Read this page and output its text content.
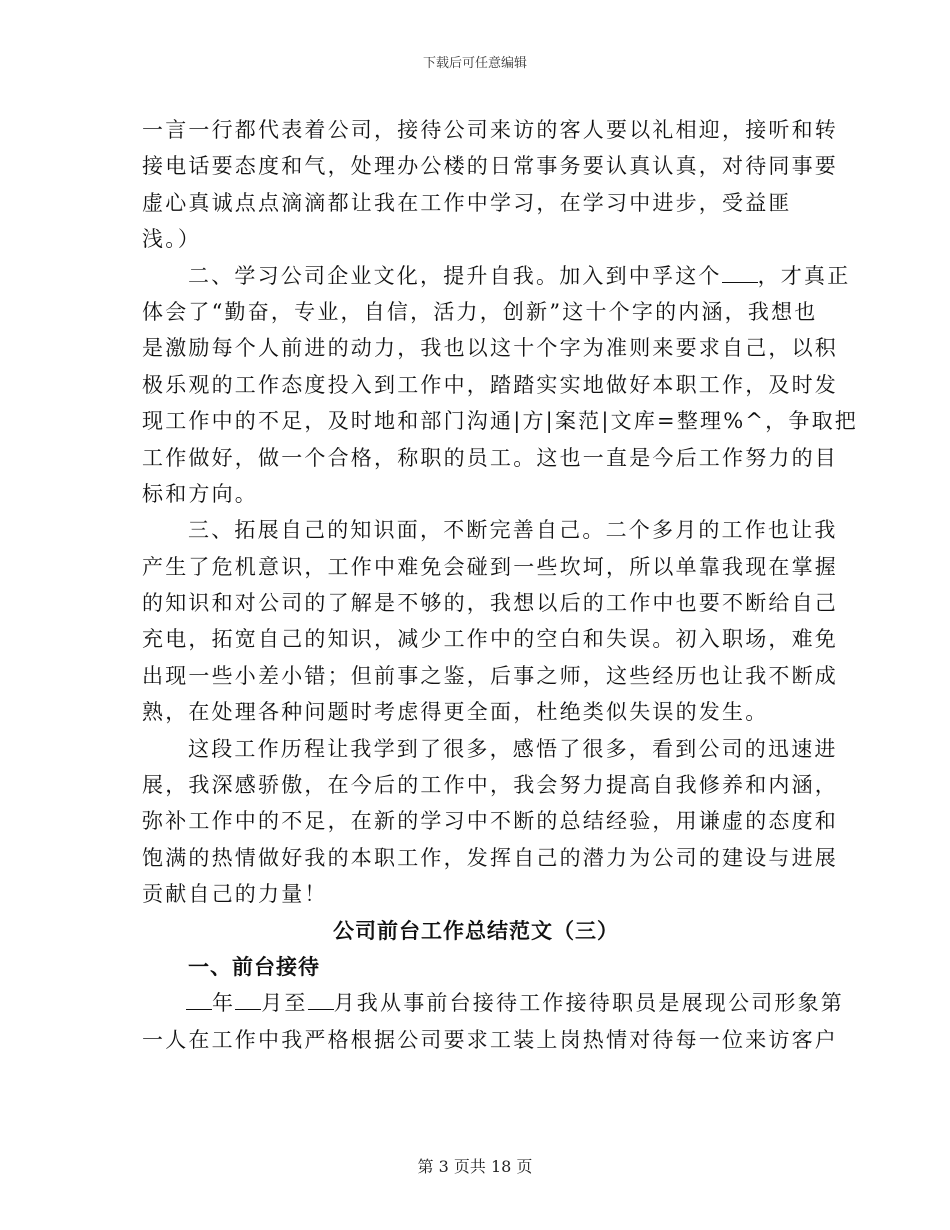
下载后可任意编辑
一言一行都代表着公司，接待公司来访的客人要以礼相迎，接听和转
接电话要态度和气，处理办公楼的日常事务要认真认真，对待同事要
虚心真诚点点滴滴都让我在工作中学习，在学习中进步，受益匪
浅。）
二、学习公司企业文化，提升自我。加入到中孚这个 ，才真正
体会了“勤奋，专业，自信，活力，创新”这十个字的内涵，我想也
是激励每个人前进的动力，我也以这十个字为准则来要求自己，以积
极乐观的工作态度投入到工作中，踏踏实实地做好本职工作，及时发
现工作中的不足，及时地和部门沟通|方|案范|文库=整理%^，争取把
工作做好，做一个合格，称职的员工。这也一直是今后工作努力的目
标和方向。
三、拓展自己的知识面，不断完善自己。二个多月的工作也让我
产生了危机意识，工作中难免会碰到一些坎坷，所以单靠我现在掌握
的知识和对公司的了解是不够的，我想以后的工作中也要不断给自己
充电，拓宽自己的知识，减少工作中的空白和失误。初入职场，难免
出现一些小差小错；但前事之鉴，后事之师，这些经历也让我不断成
熟，在处理各种问题时考虑得更全面，杜绝类似失误的发生。
这段工作历程让我学到了很多，感悟了很多，看到公司的迅速进
展，我深感骄傲，在今后的工作中，我会努力提高自我修养和内涵，
弥补工作中的不足，在新的学习中不断的总结经验，用谦虚的态度和
饱满的热情做好我的本职工作，发挥自己的潜力为公司的建设与进展
贡献自己的力量！
公司前台工作总结范文（三）
一、前台接待
年 月至 月我从事前台接待工作接待职员是展现公司形象第
一人在工作中我严格根据公司要求工装上岗热情对待每一位来访客户
第 3 页共 18 页
